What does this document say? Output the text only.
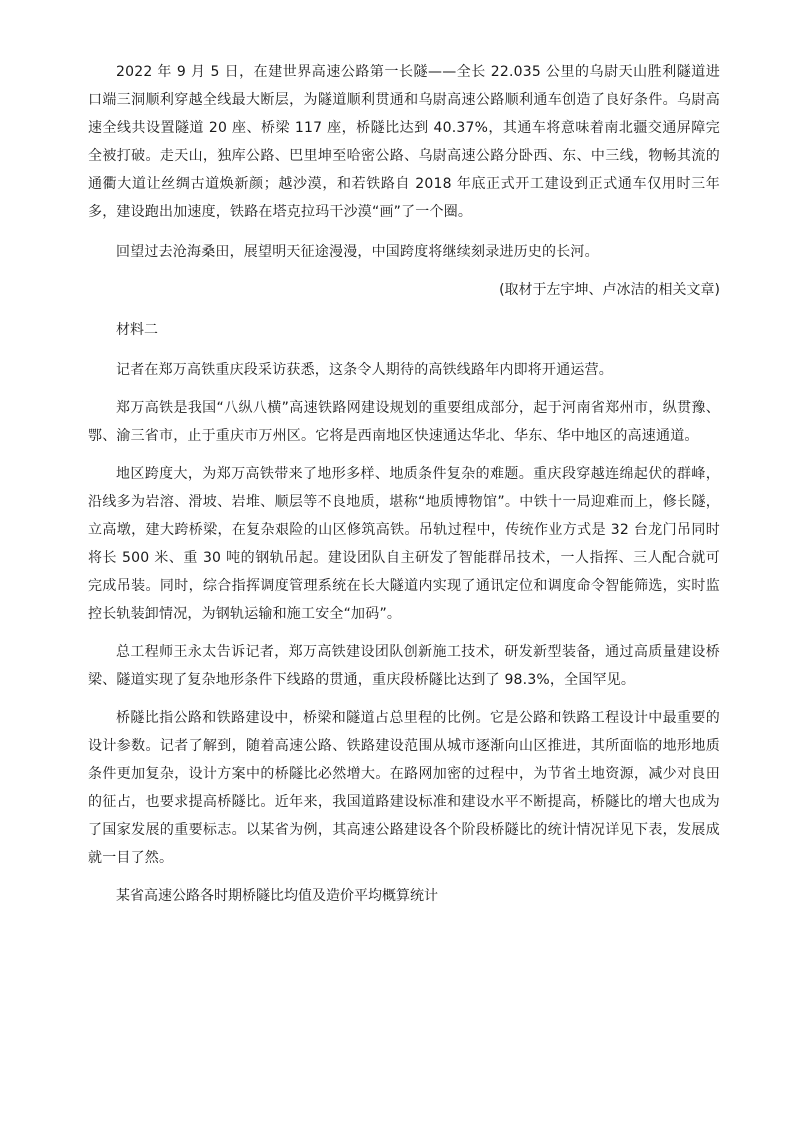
2022 年 9 月 5 日，在建世界高速公路第一长隧——全长 22.035 公里的乌尉天山胜利隧道进口端三洞顺利穿越全线最大断层，为隧道顺利贯通和乌尉高速公路顺利通车创造了良好条件。乌尉高速全线共设置隧道 20 座、桥梁 117 座，桥隧比达到 40.37%，其通车将意味着南北疆交通屏障完全被打破。走天山，独库公路、巴里坤至哈密公路、乌尉高速公路分卧西、东、中三线，物畅其流的通衢大道让丝绸古道焕新颜；越沙漠，和若铁路自 2018 年底正式开工建设到正式通车仅用时三年多，建设跑出加速度，铁路在塔克拉玛干沙漠“画”了一个圈。

回望过去沧海桑田，展望明天征途漫漫，中国跨度将继续刻录进历史的长河。

(取材于左宇坤、卢冰洁的相关文章)

材料二

记者在郑万高铁重庆段采访获悉，这条令人期待的高铁线路年内即将开通运营。

郑万高铁是我国“八纵八横”高速铁路网建设规划的重要组成部分，起于河南省郑州市，纵贯豫、鄂、渝三省市，止于重庆市万州区。它将是西南地区快速通达华北、华东、华中地区的高速通道。

地区跨度大，为郑万高铁带来了地形多样、地质条件复杂的难题。重庆段穿越连绵起伏的群峰，沿线多为岩溶、滑坡、岩堆、顺层等不良地质，堪称“地质博物馆”。中铁十一局迎难而上，修长隧，立高墩，建大跨桥梁，在复杂艰险的山区修筑高铁。吊轨过程中，传统作业方式是 32 台龙门吊同时将长 500 米、重 30 吨的钢轨吊起。建设团队自主研发了智能群吊技术，一人指挥、三人配合就可完成吊装。同时，综合指挥调度管理系统在长大隧道内实现了通讯定位和调度命令智能筛选，实时监控长轨装卸情况，为钢轨运输和施工安全“加码”。

总工程师王永太告诉记者，郑万高铁建设团队创新施工技术，研发新型装备，通过高质量建设桥梁、隧道实现了复杂地形条件下线路的贯通，重庆段桥隧比达到了 98.3%，全国罕见。

桥隧比指公路和铁路建设中，桥梁和隧道占总里程的比例。它是公路和铁路工程设计中最重要的设计参数。记者了解到，随着高速公路、铁路建设范围从城市逐渐向山区推进，其所面临的地形地质条件更加复杂，设计方案中的桥隧比必然增大。在路网加密的过程中，为节省土地资源，减少对良田的征占，也要求提高桥隧比。近年来，我国道路建设标准和建设水平不断提高，桥隧比的增大也成为了国家发展的重要标志。以某省为例，其高速公路建设各个阶段桥隧比的统计情况详见下表，发展成就一目了然。

某省高速公路各时期桥隧比均值及造价平均概算统计
